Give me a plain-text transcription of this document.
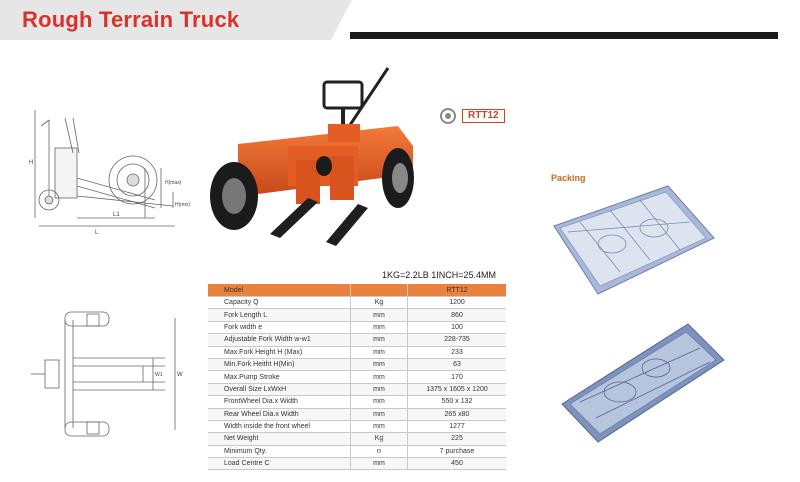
Rough Terrain Truck
H
H(max)
H(min)
L1
L
W
W1
RTT12
Packing
1KG=2.2LB 1INCH=25.4MM
Model		RTT12
Capacity Q	Kg	1200
Fork Length L	mm	860
Fork width e	mm	100
Adjustable Fork Width w-w1	mm	228-735
Max.Fork Height H (Max)	mm	233
Min.Fork Heitht H(Min)	mm	63
Max.Pump Stroke	mm	170
Overall Size LxWxH	mm	1375 x 1605 x 1200
FrontWheel Dia.x Width	mm	550 x 132
Rear Wheel Dia.x Width	mm	265 x80
Width inside the front wheel	mm	1277
Net Weight	Kg	225
Minimum Qty.	n	7 purchase
Load Centre C	mm	450
